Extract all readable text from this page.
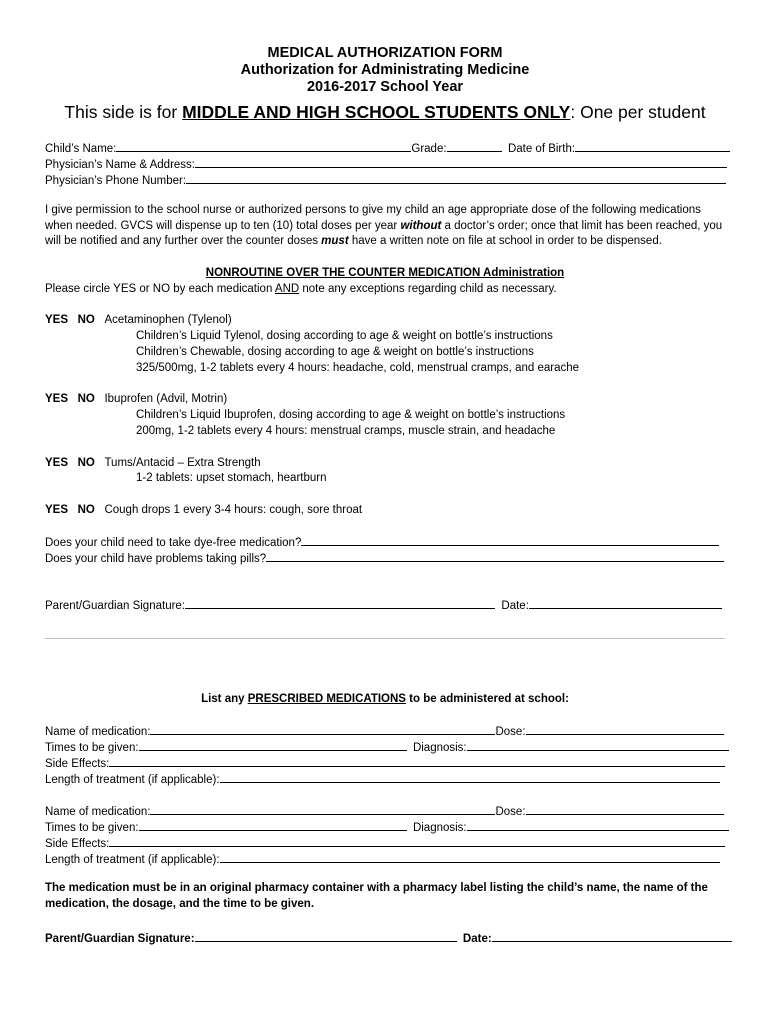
MEDICAL AUTHORIZATION FORM
Authorization for Administrating Medicine
2016-2017 School Year
This side is for MIDDLE AND HIGH SCHOOL STUDENTS ONLY: One per student
Child’s Name:	Grade:	Date of Birth:
Physician’s Name & Address:
Physician’s Phone Number:
I give permission to the school nurse or authorized persons to give my child an age appropriate dose of the following medications
when needed. GVCS will dispense up to ten (10) total doses per year without a doctor’s order; once that limit has been reached, you
will be notified and any further over the counter doses must have a written note on file at school in order to be dispensed.
NONROUTINE OVER THE COUNTER MEDICATION Administration
Please circle YES or NO by each medication AND note any exceptions regarding child as necessary.
YES NO Acetaminophen (Tylenol)
Children’s Liquid Tylenol, dosing according to age & weight on bottle’s instructions
Children’s Chewable, dosing according to age & weight on bottle’s instructions
325/500mg, 1-2 tablets every 4 hours: headache, cold, menstrual cramps, and earache
YES NO Ibuprofen (Advil, Motrin)
Children’s Liquid Ibuprofen, dosing according to age & weight on bottle’s instructions
200mg, 1-2 tablets every 4 hours: menstrual cramps, muscle strain, and headache
YES NO Tums/Antacid – Extra Strength
1-2 tablets: upset stomach, heartburn
YES NO Cough drops 1 every 3-4 hours: cough, sore throat
Does your child need to take dye-free medication?
Does your child have problems taking pills?
Parent/Guardian Signature:	Date:
List any PRESCRIBED MEDICATIONS to be administered at school:
Name of medication:	Dose:
Times to be given:	Diagnosis:
Side Effects:
Length of treatment (if applicable):
Name of medication:	Dose:
Times to be given:	Diagnosis:
Side Effects:
Length of treatment (if applicable):
The medication must be in an original pharmacy container with a pharmacy label listing the child’s name, the name of the
medication, the dosage, and the time to be given.
Parent/Guardian Signature:	Date:
